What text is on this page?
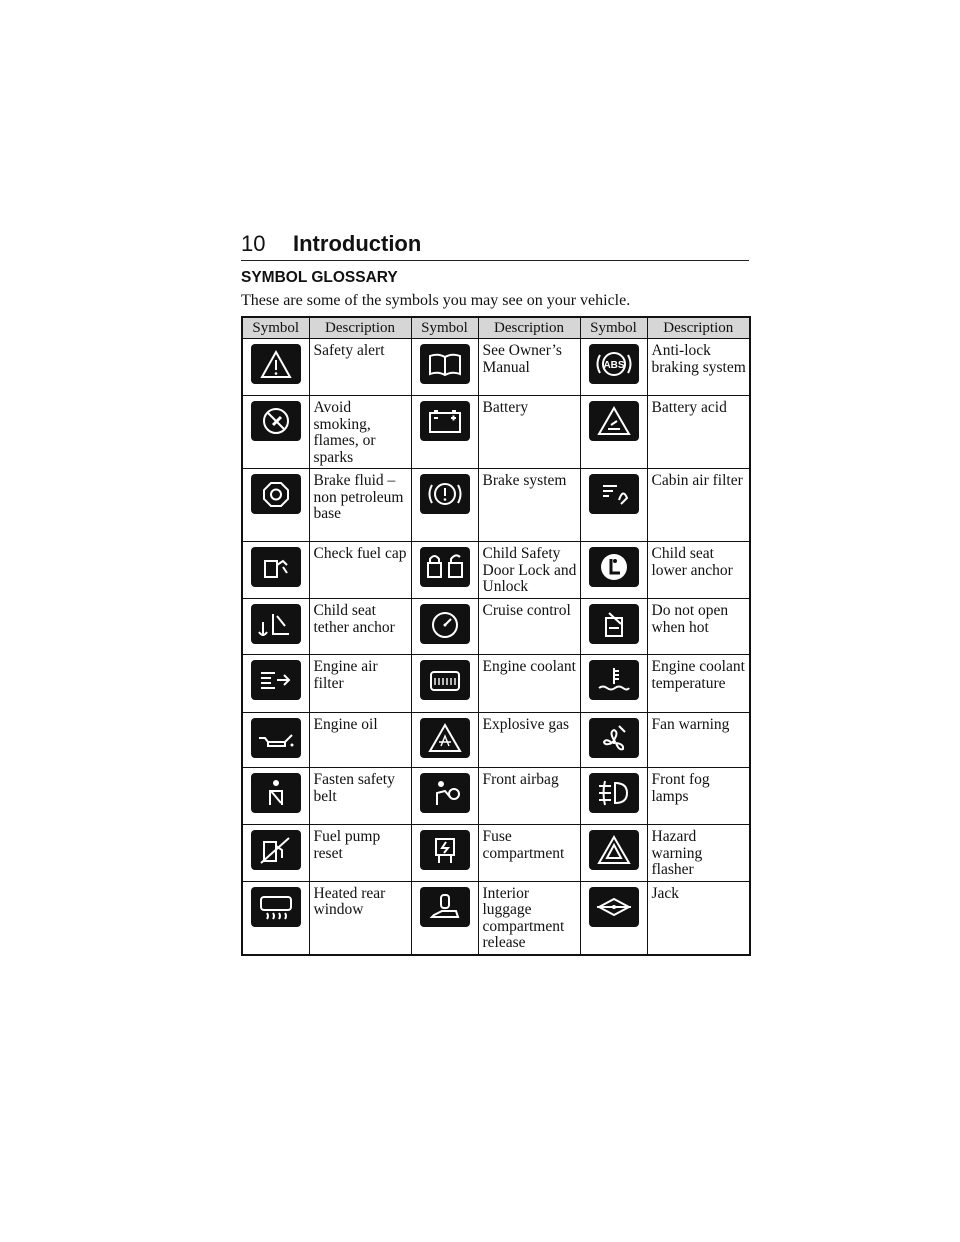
10 Introduction
SYMBOL GLOSSARY
These are some of the symbols you may see on your vehicle.
Symbol	Description	Symbol	Description	Symbol	Description

	Safety alert		See Owner’s Manual	ABS	Anti-lock braking system

	Avoid smoking, flames, or sparks		Battery		Battery acid

	Brake fluid – non petroleum base		Brake system		Cabin air filter

	Check fuel cap		Child Safety Door Lock and Unlock		Child seat lower anchor

	Child seat tether anchor		Cruise control		Do not open when hot

	Engine air filter		Engine coolant		Engine coolant temperature

	Engine oil		Explosive gas		Fan warning

	Fasten safety belt		Front airbag		Front fog lamps

	Fuel pump reset		Fuse compartment		Hazard warning flasher

	Heated rear window		Interior luggage compartment release		Jack
